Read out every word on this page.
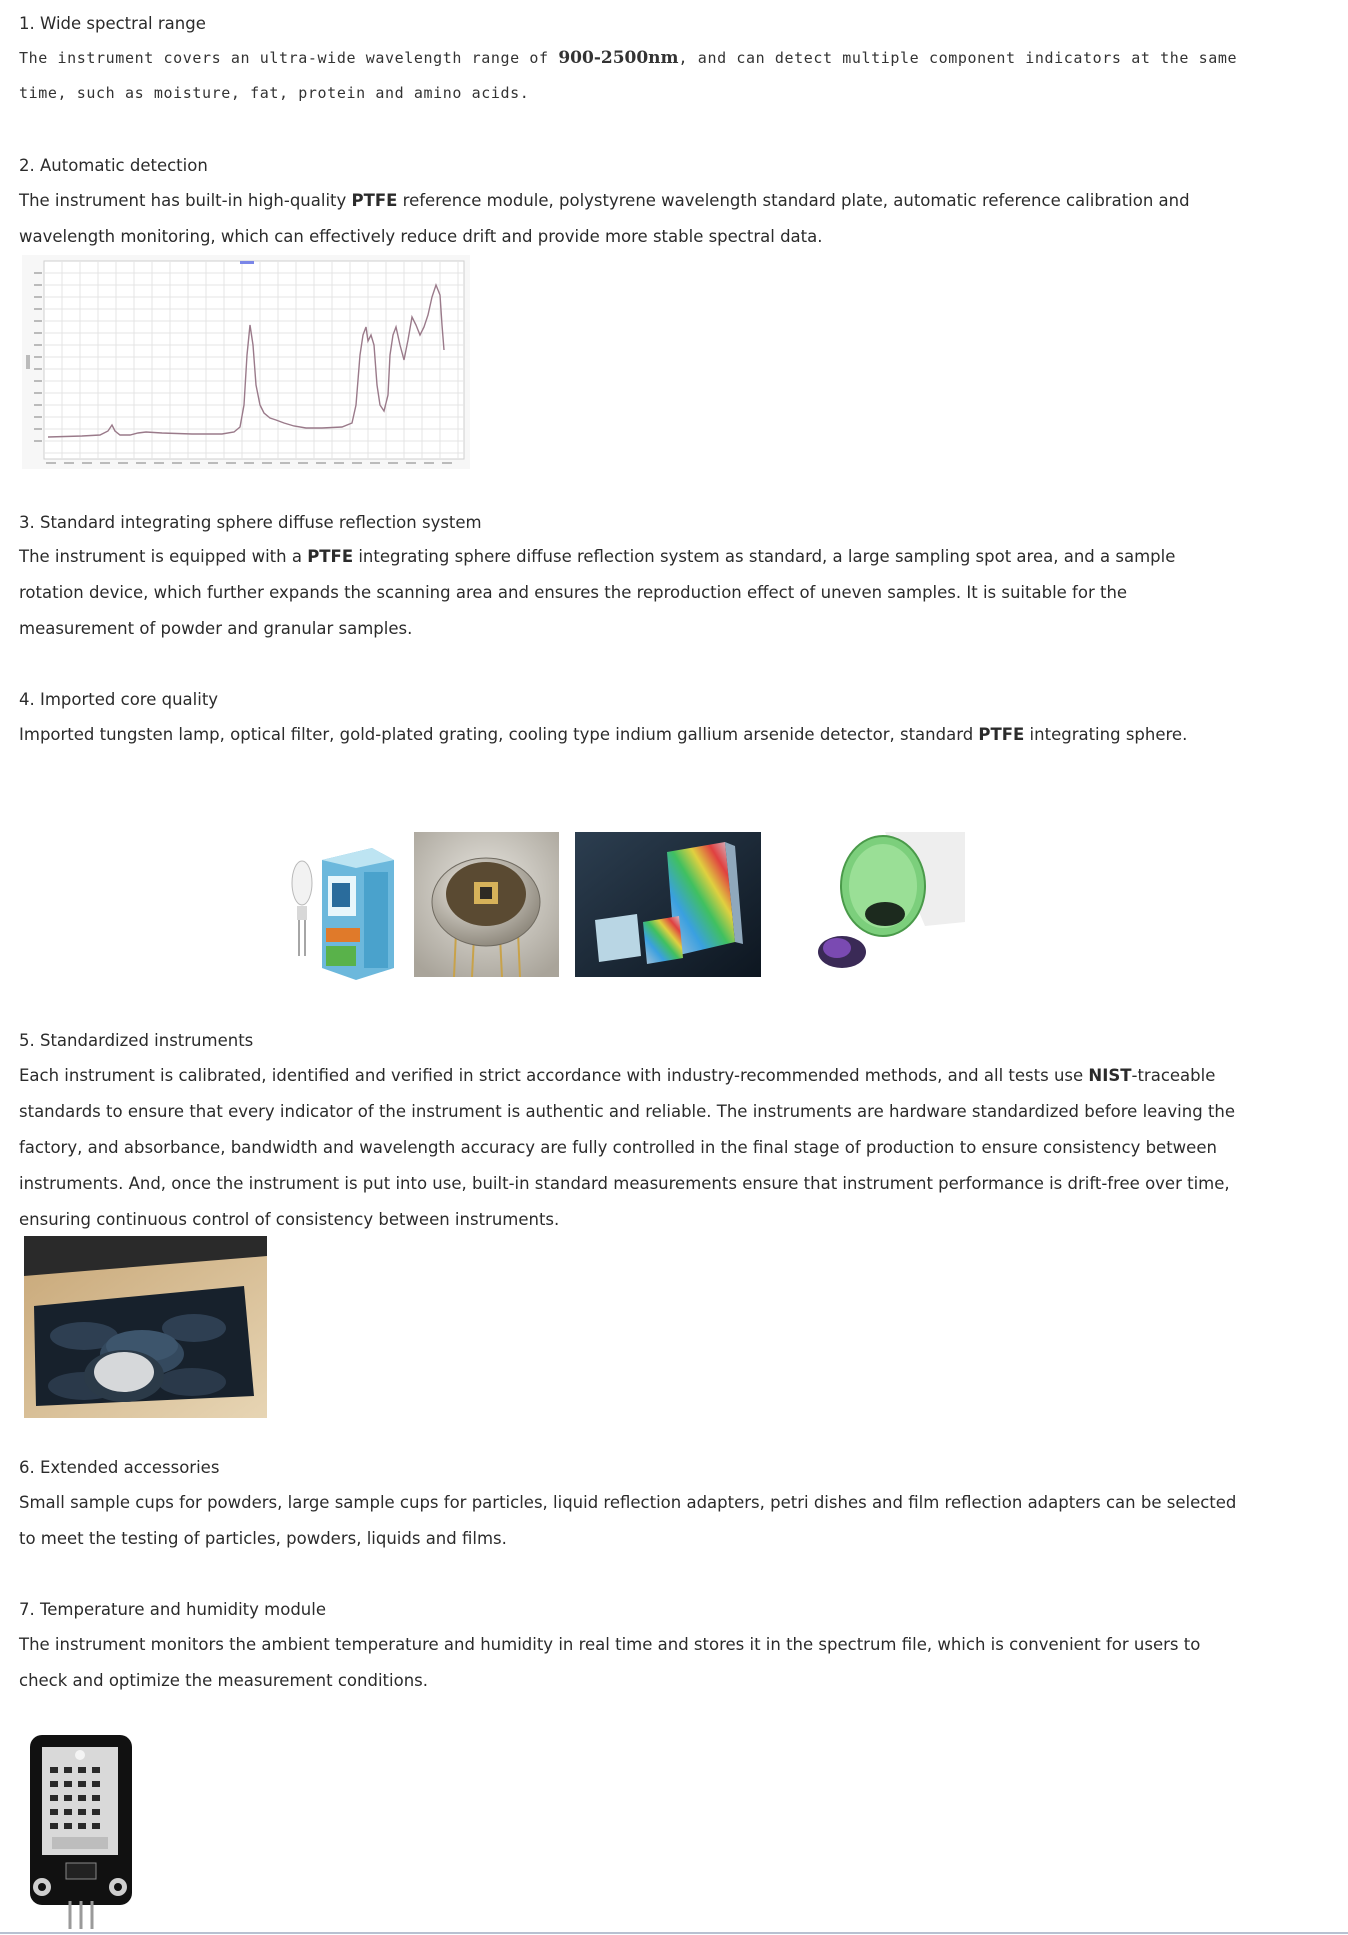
1. Wide spectral range
The instrument covers an ultra-wide wavelength range of 900-2500nm, and can detect multiple component indicators at the same time, such as moisture, fat, protein and amino acids.
2. Automatic detection
The instrument has built-in high-quality PTFE reference module, polystyrene wavelength standard plate, automatic reference calibration and wavelength monitoring, which can effectively reduce drift and provide more stable spectral data.
3. Standard integrating sphere diffuse reflection system
The instrument is equipped with a PTFE integrating sphere diffuse reflection system as standard, a large sampling spot area, and a sample rotation device, which further expands the scanning area and ensures the reproduction effect of uneven samples. It is suitable for the measurement of powder and granular samples.
4. Imported core quality
Imported tungsten lamp, optical filter, gold-plated grating, cooling type indium gallium arsenide detector, standard PTFE integrating sphere.
5. Standardized instruments
Each instrument is calibrated, identified and verified in strict accordance with industry-recommended methods, and all tests use NIST-traceable standards to ensure that every indicator of the instrument is authentic and reliable. The instruments are hardware standardized before leaving the factory, and absorbance, bandwidth and wavelength accuracy are fully controlled in the final stage of production to ensure consistency between instruments. And, once the instrument is put into use, built-in standard measurements ensure that instrument performance is drift-free over time, ensuring continuous control of consistency between instruments.
6. Extended accessories
Small sample cups for powders, large sample cups for particles, liquid reflection adapters, petri dishes and film reflection adapters can be selected to meet the testing of particles, powders, liquids and films.
7. Temperature and humidity module
The instrument monitors the ambient temperature and humidity in real time and stores it in the spectrum file, which is convenient for users to check and optimize the measurement conditions.
